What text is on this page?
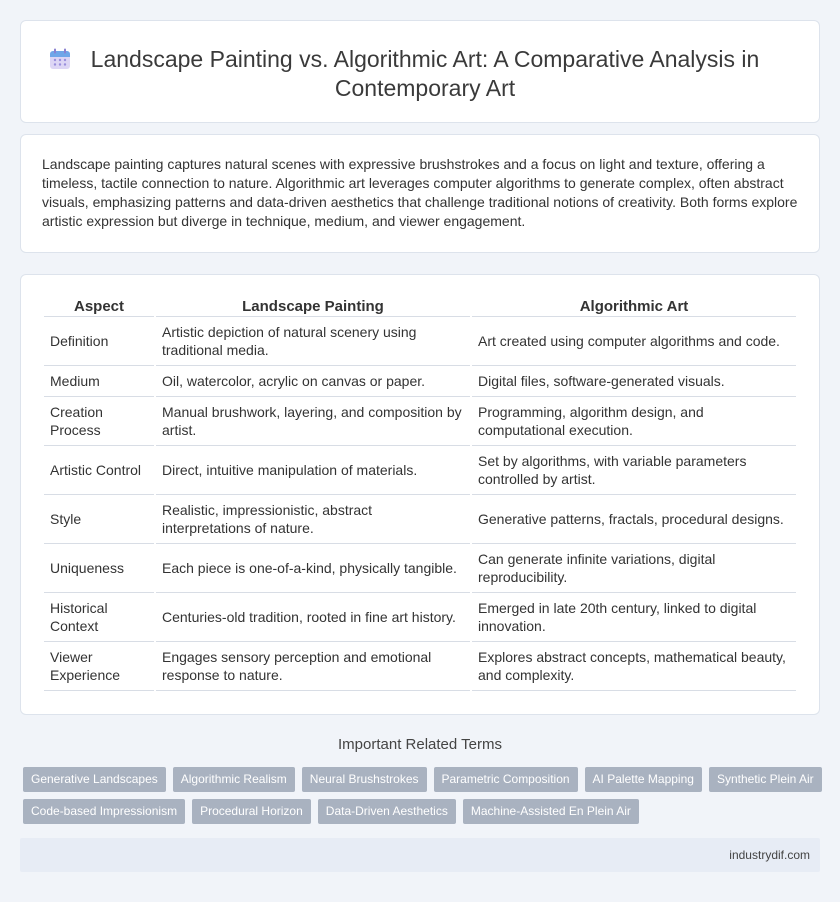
Landscape Painting vs. Algorithmic Art: A Comparative Analysis in Contemporary Art

Landscape painting captures natural scenes with expressive brushstrokes and a focus on light and texture, offering a timeless, tactile connection to nature. Algorithmic art leverages computer algorithms to generate complex, often abstract visuals, emphasizing patterns and data-driven aesthetics that challenge traditional notions of creativity. Both forms explore artistic expression but diverge in technique, medium, and viewer engagement.

Aspect	Landscape Painting	Algorithmic Art
Definition	Artistic depiction of natural scenery using traditional media.	Art created using computer algorithms and code.
Medium	Oil, watercolor, acrylic on canvas or paper.	Digital files, software-generated visuals.
Creation Process	Manual brushwork, layering, and composition by artist.	Programming, algorithm design, and computational execution.
Artistic Control	Direct, intuitive manipulation of materials.	Set by algorithms, with variable parameters controlled by artist.
Style	Realistic, impressionistic, abstract interpretations of nature.	Generative patterns, fractals, procedural designs.
Uniqueness	Each piece is one-of-a-kind, physically tangible.	Can generate infinite variations, digital reproducibility.
Historical Context	Centuries-old tradition, rooted in fine art history.	Emerged in late 20th century, linked to digital innovation.
Viewer Experience	Engages sensory perception and emotional response to nature.	Explores abstract concepts, mathematical beauty, and complexity.
Important Related Terms
Generative Landscapes	Algorithmic Realism	Neural Brushstrokes	Parametric Composition	AI Palette Mapping	Synthetic Plein Air
Code-based Impressionism	Procedural Horizon	Data-Driven Aesthetics	Machine-Assisted En Plein Air
industrydif.com
